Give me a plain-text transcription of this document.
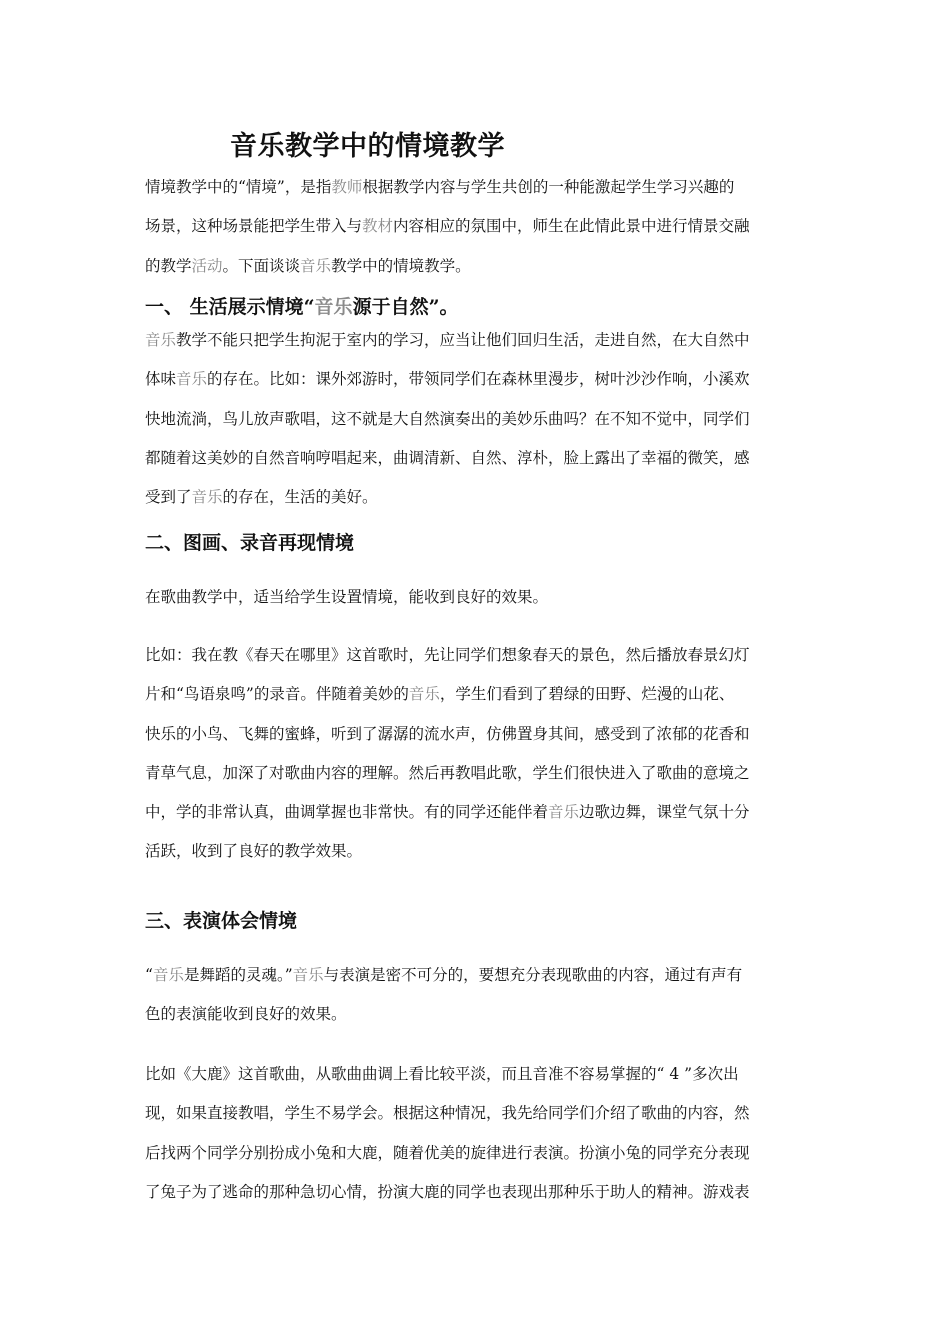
音乐教学中的情境教学
情境教学中的“情境”，是指教师根据教学内容与学生共创的一种能激起学生学习兴趣的
场景，这种场景能把学生带入与教材内容相应的氛围中，师生在此情此景中进行情景交融
的教学活动。下面谈谈音乐教学中的情境教学。
一、 生活展示情境“音乐源于自然”。
音乐教学不能只把学生拘泥于室内的学习，应当让他们回归生活，走进自然，在大自然中
体味音乐的存在。比如：课外郊游时，带领同学们在森林里漫步，树叶沙沙作响，小溪欢
快地流淌，鸟儿放声歌唱，这不就是大自然演奏出的美妙乐曲吗？在不知不觉中，同学们
都随着这美妙的自然音响哼唱起来，曲调清新、自然、淳朴，脸上露出了幸福的微笑，感
受到了音乐的存在，生活的美好。
二、图画、录音再现情境
在歌曲教学中，适当给学生设置情境，能收到良好的效果。
比如：我在教《春天在哪里》这首歌时，先让同学们想象春天的景色，然后播放春景幻灯
片和“鸟语泉鸣”的录音。伴随着美妙的音乐，学生们看到了碧绿的田野、烂漫的山花、
快乐的小鸟、飞舞的蜜蜂，听到了潺潺的流水声，仿佛置身其间，感受到了浓郁的花香和
青草气息，加深了对歌曲内容的理解。然后再教唱此歌，学生们很快进入了歌曲的意境之
中，学的非常认真，曲调掌握也非常快。有的同学还能伴着音乐边歌边舞，课堂气氛十分
活跃，收到了良好的教学效果。
三、表演体会情境
“音乐是舞蹈的灵魂。”音乐与表演是密不可分的，要想充分表现歌曲的内容，通过有声有
色的表演能收到良好的效果。
比如《大鹿》这首歌曲，从歌曲曲调上看比较平淡，而且音准不容易掌握的“ 4 ”多次出
现，如果直接教唱，学生不易学会。根据这种情况，我先给同学们介绍了歌曲的内容，然
后找两个同学分别扮成小兔和大鹿，随着优美的旋律进行表演。扮演小兔的同学充分表现
了兔子为了逃命的那种急切心情，扮演大鹿的同学也表现出那种乐于助人的精神。游戏表
